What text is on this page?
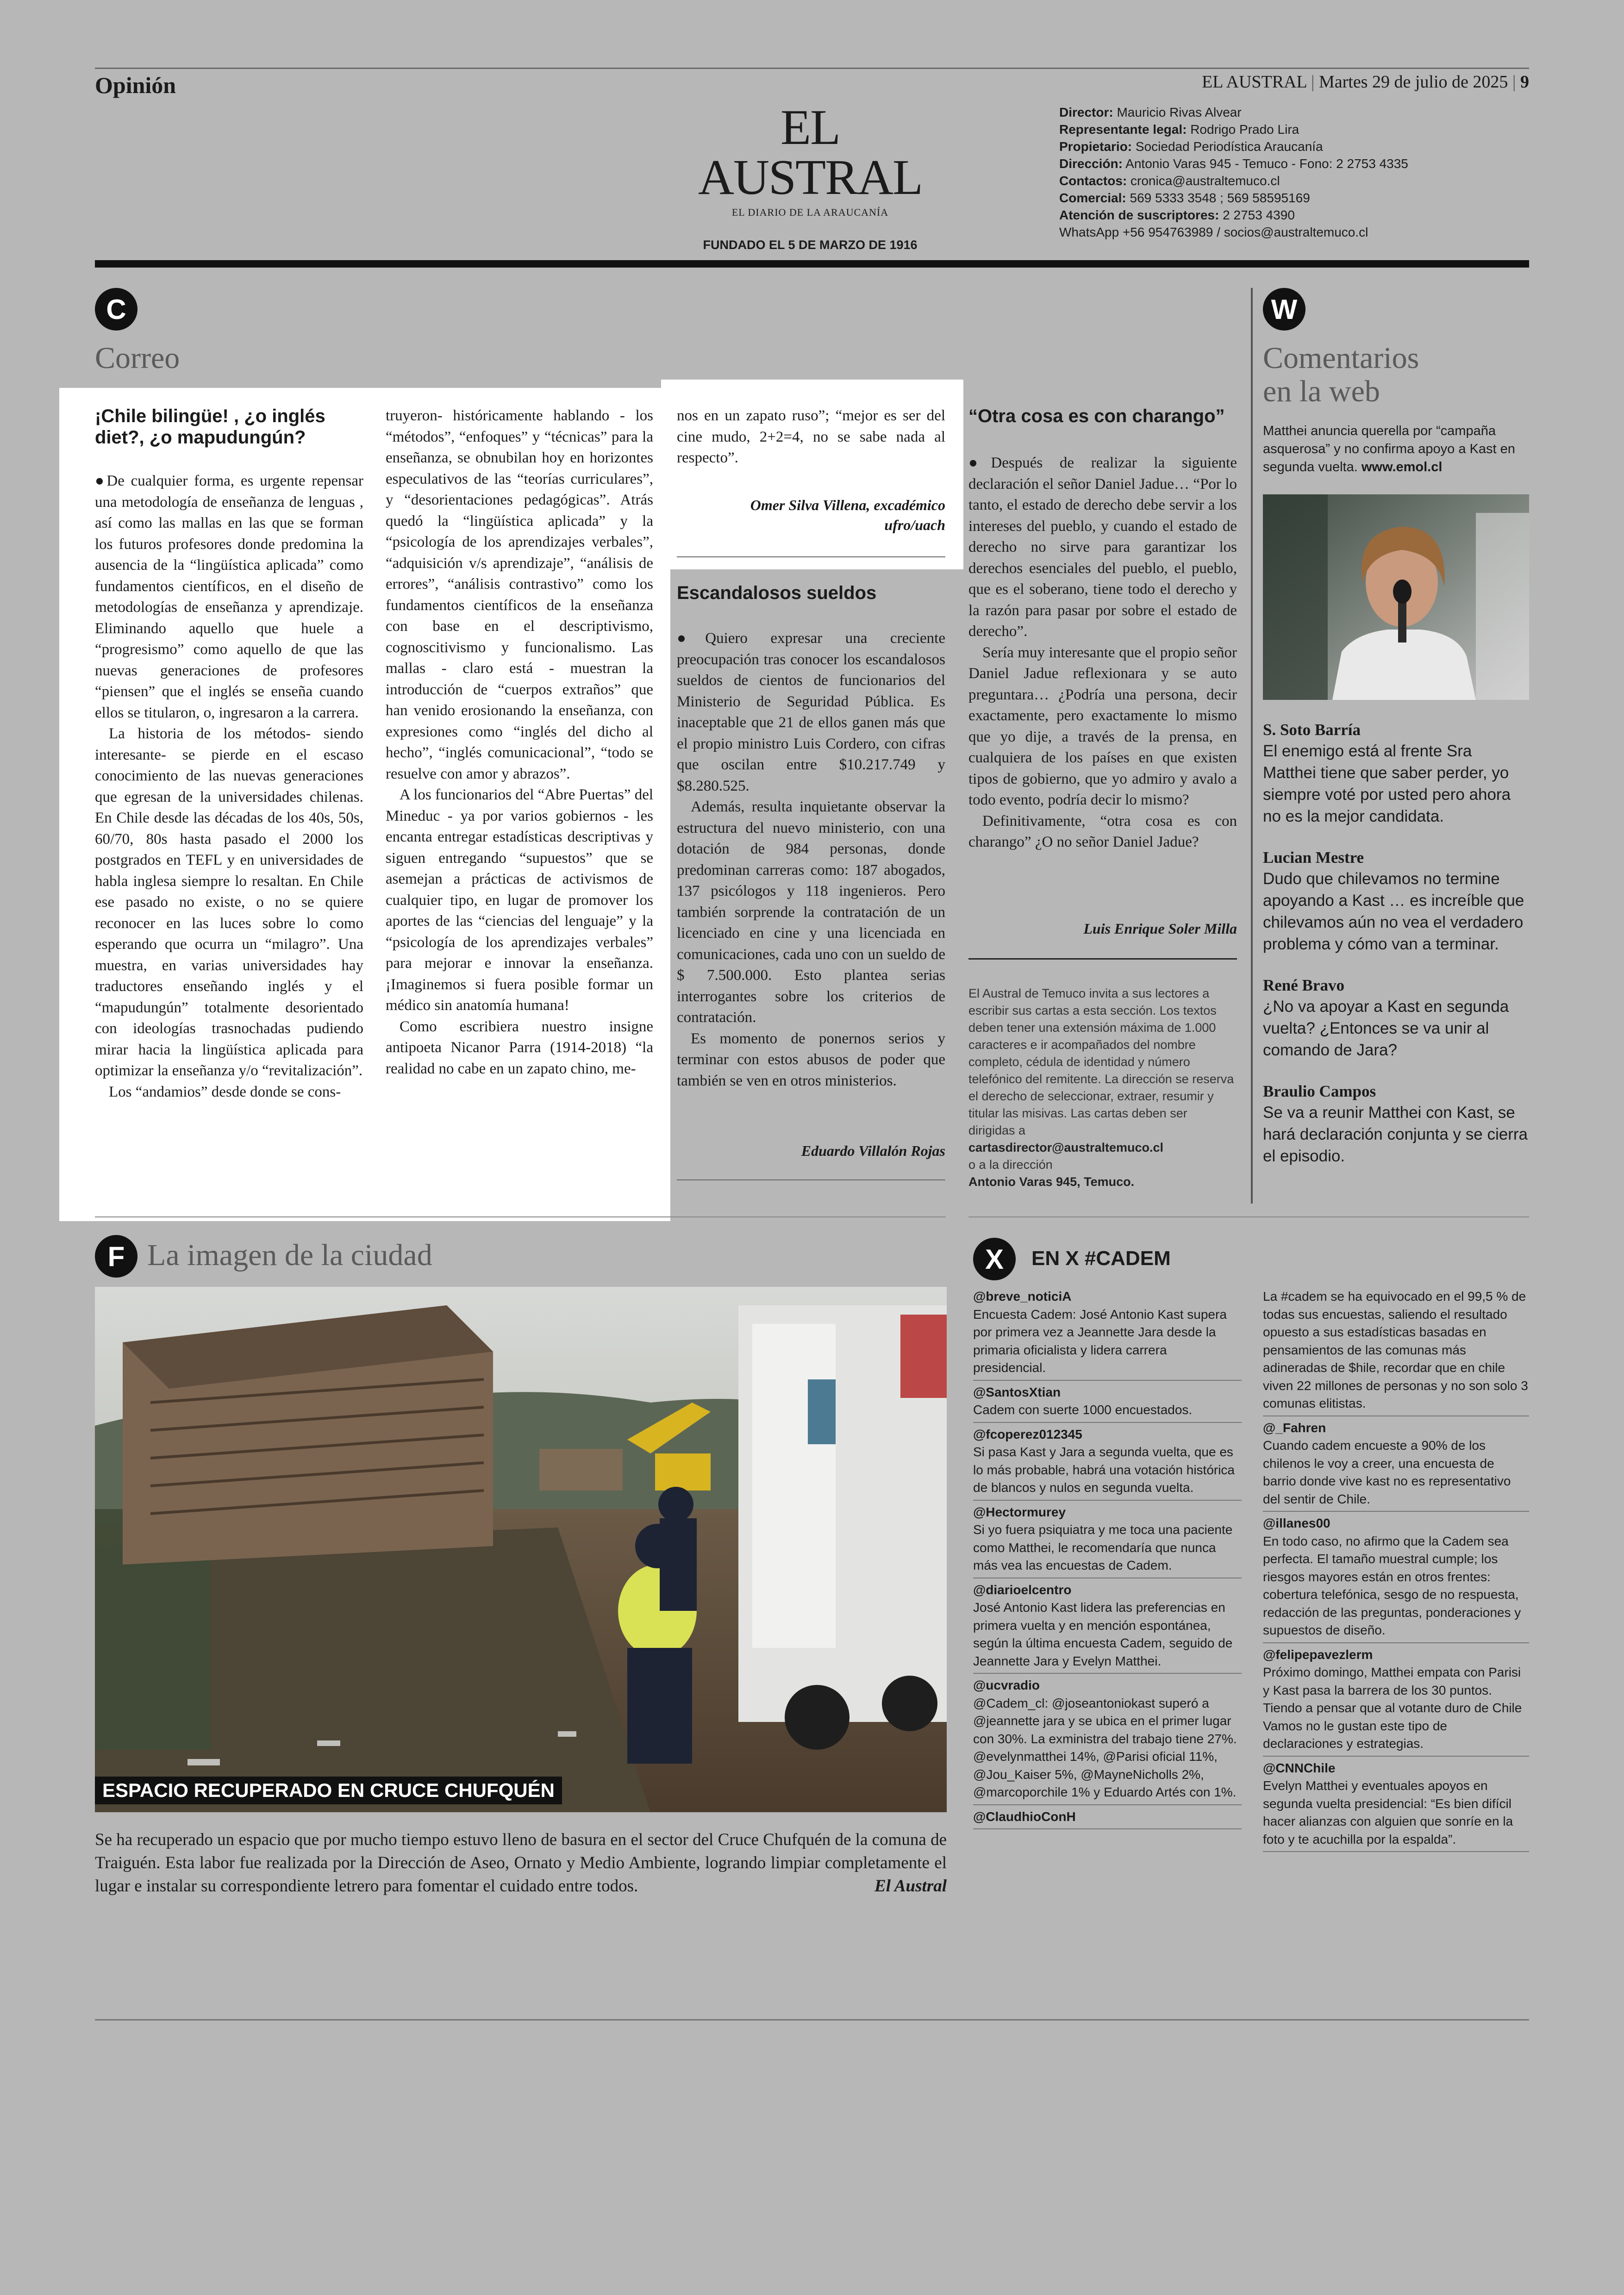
Opinión	EL AUSTRAL | Martes 29 de julio de 2025 | 9
EL AUSTRAL
EL DIARIO DE LA ARAUCANÍA
FUNDADO EL 5 DE MARZO DE 1916
Director: Mauricio Rivas Alvear
Representante legal: Rodrigo Prado Lira
Propietario: Sociedad Periodística Araucanía
Dirección: Antonio Varas 945 - Temuco - Fono: 2 2753 4335
Contactos: cronica@australtemuco.cl
Comercial: 569 5333 3548 ; 569 58595169
Atención de suscriptores: 2 2753 4390
WhatsApp +56 954763989 / socios@australtemuco.cl
C
Correo
¡Chile bilingüe! , ¿o inglés diet?, ¿o mapudungún?

●De cualquier forma, es urgente repensar una metodología de enseñanza de lenguas , así como las mallas en las que se forman los futuros profesores donde predomina la ausencia de la “lingüística aplicada” como fundamentos científicos, en el diseño de metodologías de enseñanza y aprendizaje. Eliminando aquello que huele a “progresismo” como aquello de que las nuevas generaciones de profesores “piensen” que el inglés se enseña cuando ellos se titularon, o, ingresaron a la carrera.

La historia de los métodos- siendo interesante- se pierde en el escaso conocimiento de las nuevas generaciones que egresan de la universidades chilenas. En Chile desde las décadas de los 40s, 50s, 60/70, 80s hasta pasado el 2000 los postgrados en TEFL y en universidades de habla inglesa siempre lo resaltan. En Chile ese pasado no existe, o no se quiere reconocer en las luces sobre lo como esperando que ocurra un “milagro”. Una muestra, en varias universidades hay traductores enseñando inglés y el “mapudungún” totalmente desorientado con ideologías trasnochadas pudiendo mirar hacia la lingüística aplicada para optimizar la enseñanza y/o “revitalización”.

Los “andamios” desde donde se cons-

truyeron- históricamente hablando - los “métodos”, “enfoques” y “técnicas” para la enseñanza, se obnubilan hoy en horizontes especulativos de las “teorías curriculares”, y “desorientaciones pedagógicas”. Atrás quedó la “lingüística aplicada” y la “psicología de los aprendizajes verbales”, “adquisición v/s aprendizaje”, “análisis de errores”, “análisis contrastivo” como los fundamentos científicos de la enseñanza con base en el descriptivismo, cognoscitivismo y funcionalismo. Las mallas - claro está - muestran la introducción de “cuerpos extraños” que han venido erosionando la enseñanza, con expresiones como “inglés del dicho al hecho”, “inglés comunicacional”, “todo se resuelve con amor y abrazos”.

A los funcionarios del “Abre Puertas” del Mineduc - ya por varios gobiernos - les encanta entregar estadísticas descriptivas y siguen entregando “supuestos” que se asemejan a prácticas de activismos de cualquier tipo, en lugar de promover los aportes de las “ciencias del lenguaje” y la “psicología de los aprendizajes verbales” para mejorar e innovar la enseñanza. ¡Imaginemos si fuera posible formar un médico sin anatomía humana!

Como escribiera nuestro insigne antipoeta Nicanor Parra (1914-2018) “la realidad no cabe en un zapato chino, me-

nos en un zapato ruso”; “mejor es ser del cine mudo, 2+2=4, no se sabe nada al respecto”.

Omer Silva Villena, excadémico ufro/uach
Escandalosos sueldos

●Quiero expresar una creciente preocupación tras conocer los escandalosos sueldos de cientos de funcionarios del Ministerio de Seguridad Pública. Es inaceptable que 21 de ellos ganen más que el propio ministro Luis Cordero, con cifras que oscilan entre $10.217.749 y $8.280.525.

Además, resulta inquietante observar la estructura del nuevo ministerio, con una dotación de 984 personas, donde predominan carreras como: 187 abogados, 137 psicólogos y 118 ingenieros. Pero también sorprende la contratación de un licenciado en cine y una licenciada en comunicaciones, cada uno con un sueldo de $ 7.500.000. Esto plantea serias interrogantes sobre los criterios de contratación.

Es momento de ponernos serios y terminar con estos abusos de poder que también se ven en otros ministerios.

Eduardo Villalón Rojas
“Otra cosa es con charango”

●Después de realizar la siguiente declaración el señor Daniel Jadue… “Por lo tanto, el estado de derecho debe servir a los intereses del pueblo, y cuando el estado de derecho no sirve para garantizar los derechos esenciales del pueblo, el pueblo, que es el soberano, tiene todo el derecho y la razón para pasar por sobre el estado de derecho”.

Sería muy interesante que el propio señor Daniel Jadue reflexionara y se auto preguntara… ¿Podría una persona, decir exactamente, pero exactamente lo mismo que yo dije, a través de la prensa, en cualquiera de los países en que existen tipos de gobierno, que yo admiro y avalo a todo evento, podría decir lo mismo?

Definitivamente, “otra cosa es con charango” ¿O no señor Daniel Jadue?

Luis Enrique Soler Milla
El Austral de Temuco invita a sus lectores a escribir sus cartas a esta sección. Los textos deben tener una extensión máxima de 1.000 caracteres e ir acompañados del nombre completo, cédula de identidad y número telefónico del remitente. La dirección se reserva el derecho de seleccionar, extraer, resumir y titular las misivas. Las cartas deben ser dirigidas a
cartasdirector@australtemuco.cl
o a la dirección
Antonio Varas 945, Temuco.
W
Comentarios
en la web
Matthei anuncia querella por “campaña asquerosa” y no confirma apoyo a Kast en segunda vuelta. www.emol.cl
S. Soto Barría
El enemigo está al frente Sra Matthei tiene que saber perder, yo siempre voté por usted pero ahora no es la mejor candidata.
Lucian Mestre
Dudo que chilevamos no termine apoyando a Kast … es increíble que chilevamos aún no vea el verdadero problema y cómo van a terminar.
René Bravo
¿No va apoyar a Kast en segunda vuelta? ¿Entonces se va unir al comando de Jara?
Braulio Campos
Se va a reunir Matthei con Kast, se hará declaración conjunta y se cierra el episodio.
F La imagen de la ciudad
ESPACIO RECUPERADO EN CRUCE CHUFQUÉN
Se ha recuperado un espacio que por mucho tiempo estuvo lleno de basura en el sector del Cruce Chufquén de la comuna de Traiguén. Esta labor fue realizada por la Dirección de Aseo, Ornato y Medio Ambiente, logrando limpiar completamente el lugar e instalar su correspondiente letrero para fomentar el cuidado entre todos.	El Austral
X	EN X #CADEM
@breve_noticiA
Encuesta Cadem: José Antonio Kast supera por primera vez a Jeannette Jara desde la primaria oficialista y lidera carrera presidencial.
@SantosXtian
Cadem con suerte 1000 encuestados.
@fcoperez012345
Si pasa Kast y Jara a segunda vuelta, que es lo más probable, habrá una votación histórica de blancos y nulos en segunda vuelta.
@Hectormurey
Si yo fuera psiquiatra y me toca una paciente como Matthei, le recomendaría que nunca más vea las encuestas de Cadem.
@diarioelcentro
José Antonio Kast lidera las preferencias en primera vuelta y en mención espontánea, según la última encuesta Cadem, seguido de Jeannette Jara y Evelyn Matthei.
@ucvradio
@Cadem_cl: @joseantoniokast superó a @jeannette jara y se ubica en el primer lugar con 30%. La exministra del trabajo tiene 27%. @evelynmatthei 14%, @Parisi oficial 11%, @Jou_Kaiser 5%, @MayneNicholls 2%, @marcoporchile 1% y Eduardo Artés con 1%.
@ClaudhioConH
La #cadem se ha equivocado en el 99,5 % de todas sus encuestas, saliendo el resultado opuesto a sus estadísticas basadas en pensamientos de las comunas más adineradas de $hile, recordar que en chile viven 22 millones de personas y no son solo 3 comunas elitistas.
@_Fahren
Cuando cadem encueste a 90% de los chilenos le voy a creer, una encuesta de barrio donde vive kast no es representativo del sentir de Chile.
@illanes00
En todo caso, no afirmo que la Cadem sea perfecta. El tamaño muestral cumple; los riesgos mayores están en otros frentes: cobertura telefónica, sesgo de no respuesta, redacción de las preguntas, ponderaciones y supuestos de diseño.
@felipepavezlerm
Próximo domingo, Matthei empata con Parisi y Kast pasa la barrera de los 30 puntos. Tiendo a pensar que al votante duro de Chile Vamos no le gustan este tipo de declaraciones y estrategias.
@CNNChile
Evelyn Matthei y eventuales apoyos en segunda vuelta presidencial: “Es bien difícil hacer alianzas con alguien que sonríe en la foto y te acuchilla por la espalda”.
